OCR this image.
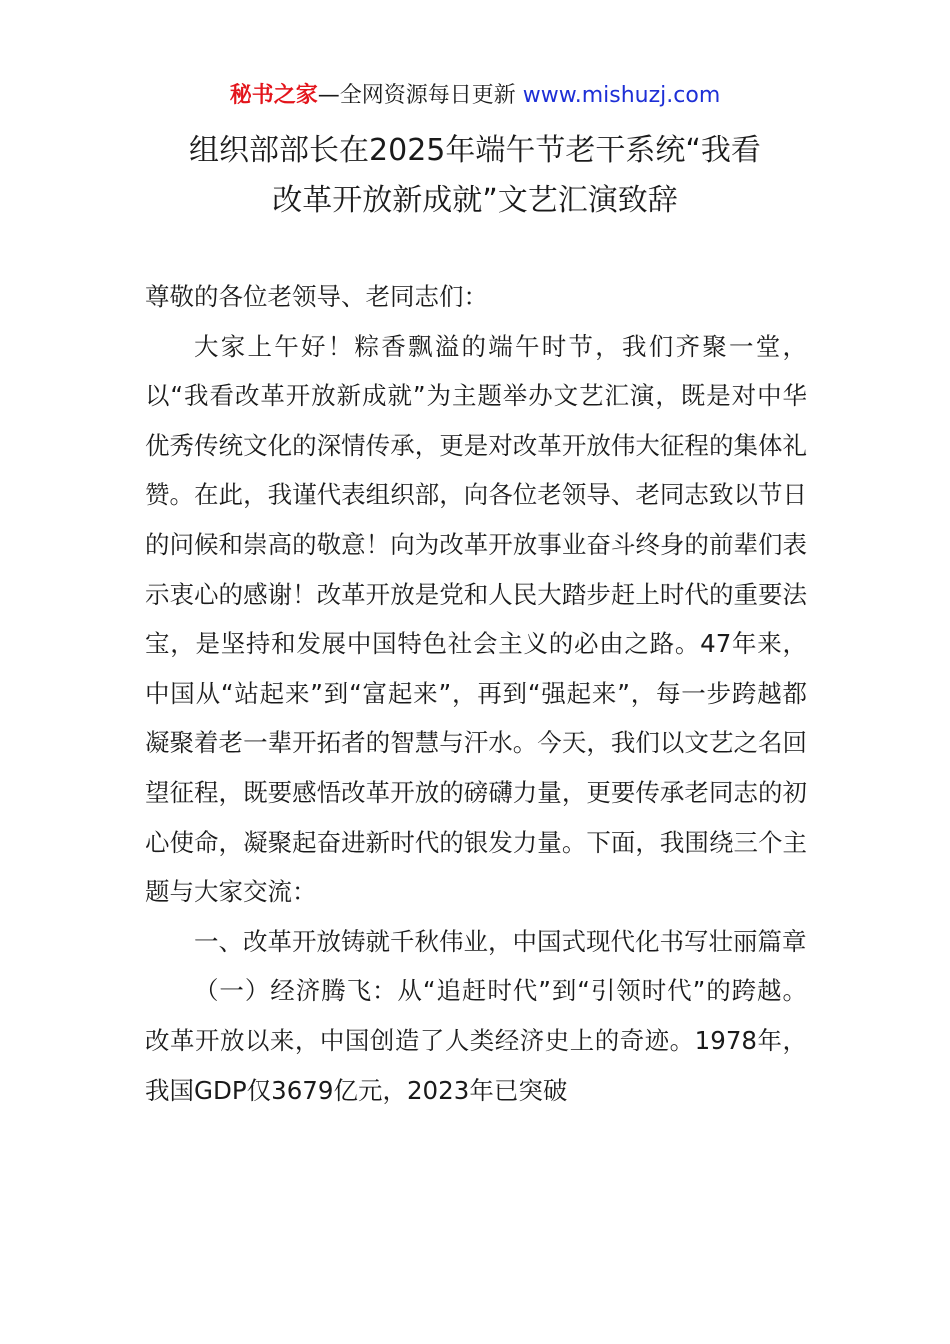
秘书之家—全网资源每日更新 www.mishuzj.com
组织部部长在2025年端午节老干系统“我看
改革开放新成就”文艺汇演致辞

尊敬的各位老领导、老同志们：

大家上午好！粽香飘溢的端午时节，我们齐聚一堂，以“我看改革开放新成就”为主题举办文艺汇演，既是对中华优秀传统文化的深情传承，更是对改革开放伟大征程的集体礼赞。在此，我谨代表组织部，向各位老领导、老同志致以节日的问候和崇高的敬意！向为改革开放事业奋斗终身的前辈们表示衷心的感谢！改革开放是党和人民大踏步赶上时代的重要法宝，是坚持和发展中国特色社会主义的必由之路。47年来，中国从“站起来”到“富起来”，再到“强起来”，每一步跨越都凝聚着老一辈开拓者的智慧与汗水。今天，我们以文艺之名回望征程，既要感悟改革开放的磅礴力量，更要传承老同志的初心使命，凝聚起奋进新时代的银发力量。下面，我围绕三个主题与大家交流：

一、改革开放铸就千秋伟业，中国式现代化书写壮丽篇章

（一）经济腾飞：从“追赶时代”到“引领时代”的跨越。改革开放以来，中国创造了人类经济史上的奇迹。1978年，我国GDP仅3679亿元，2023年已突破
